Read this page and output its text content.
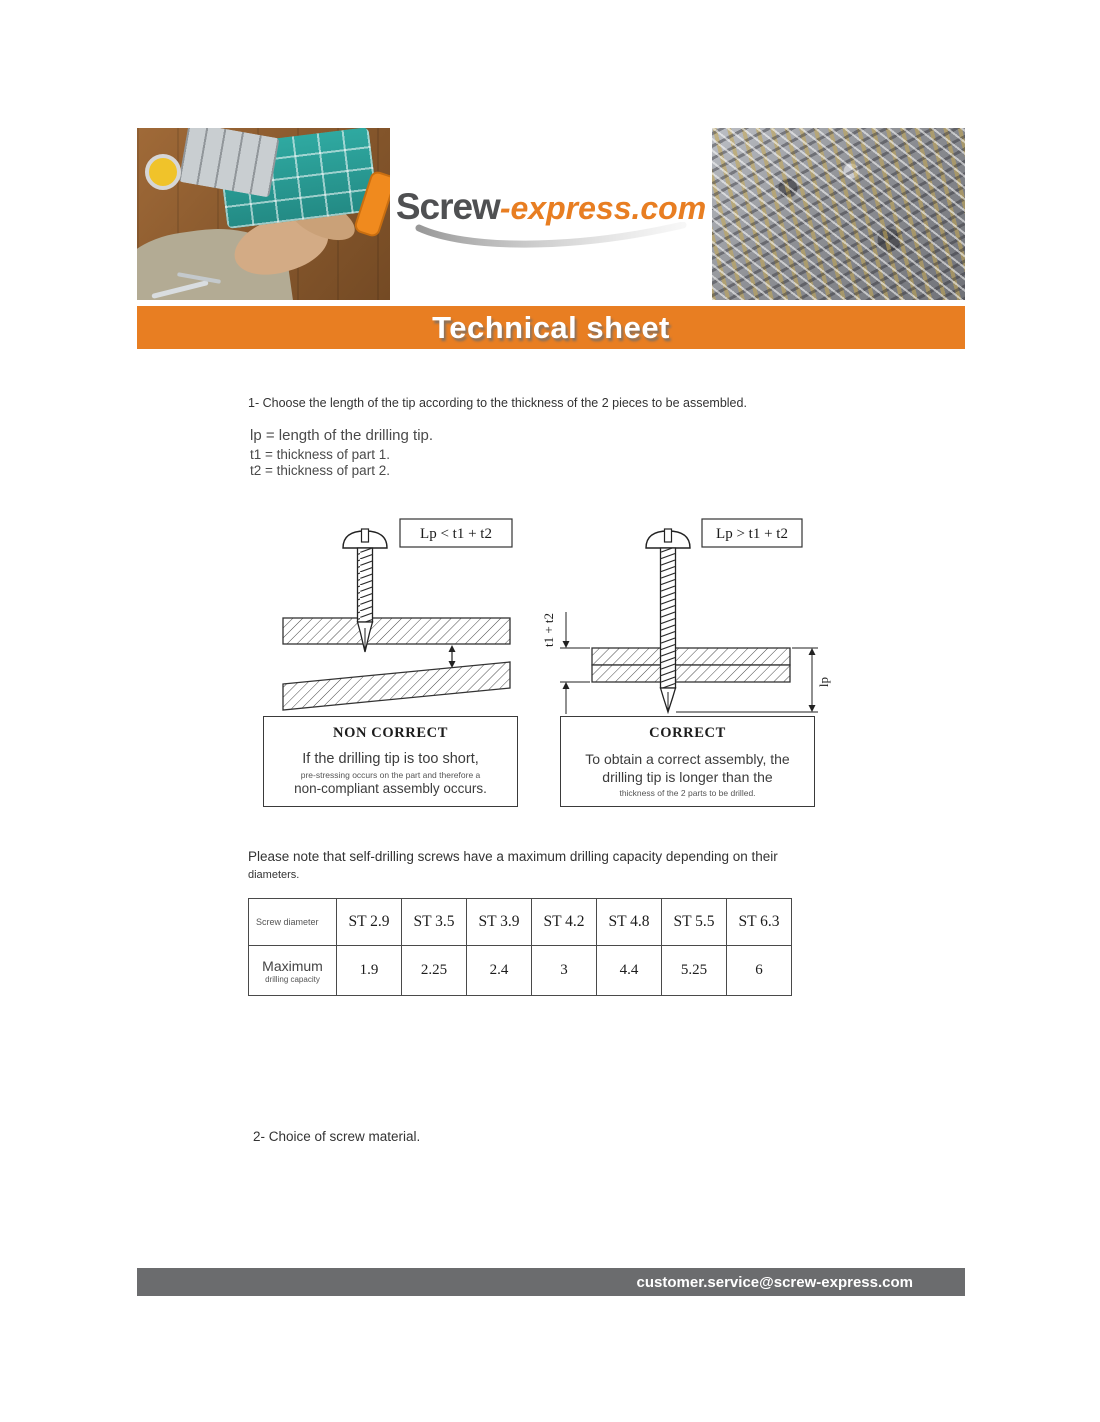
Screw-express.com
Technical sheet
1- Choose the length of the tip according to the thickness of the 2 pieces to be assembled.
lp = length of the drilling tip.
t1 = thickness of part 1.
t2 = thickness of part 2.
Lp < t1 + t2
t1 + t2
lp
Lp > t1 + t2
NON CORRECT
If the drilling tip is too short,
pre-stressing occurs on the part and therefore a
non-compliant assembly occurs.
CORRECT
To obtain a correct assembly, the
drilling tip is longer than the
thickness of the 2 parts to be drilled.
Please note that self-drilling screws have a maximum drilling capacity depending on their
diameters.
Screw diameter	ST 2.9	ST 3.5	ST 3.9	ST 4.2	ST 4.8	ST 5.5	ST 6.3

Maximum
drilling capacity	1.9	2.25	2.4	3	4.4	5.25	6
2- Choice of screw material.
customer.service@screw-express.com
